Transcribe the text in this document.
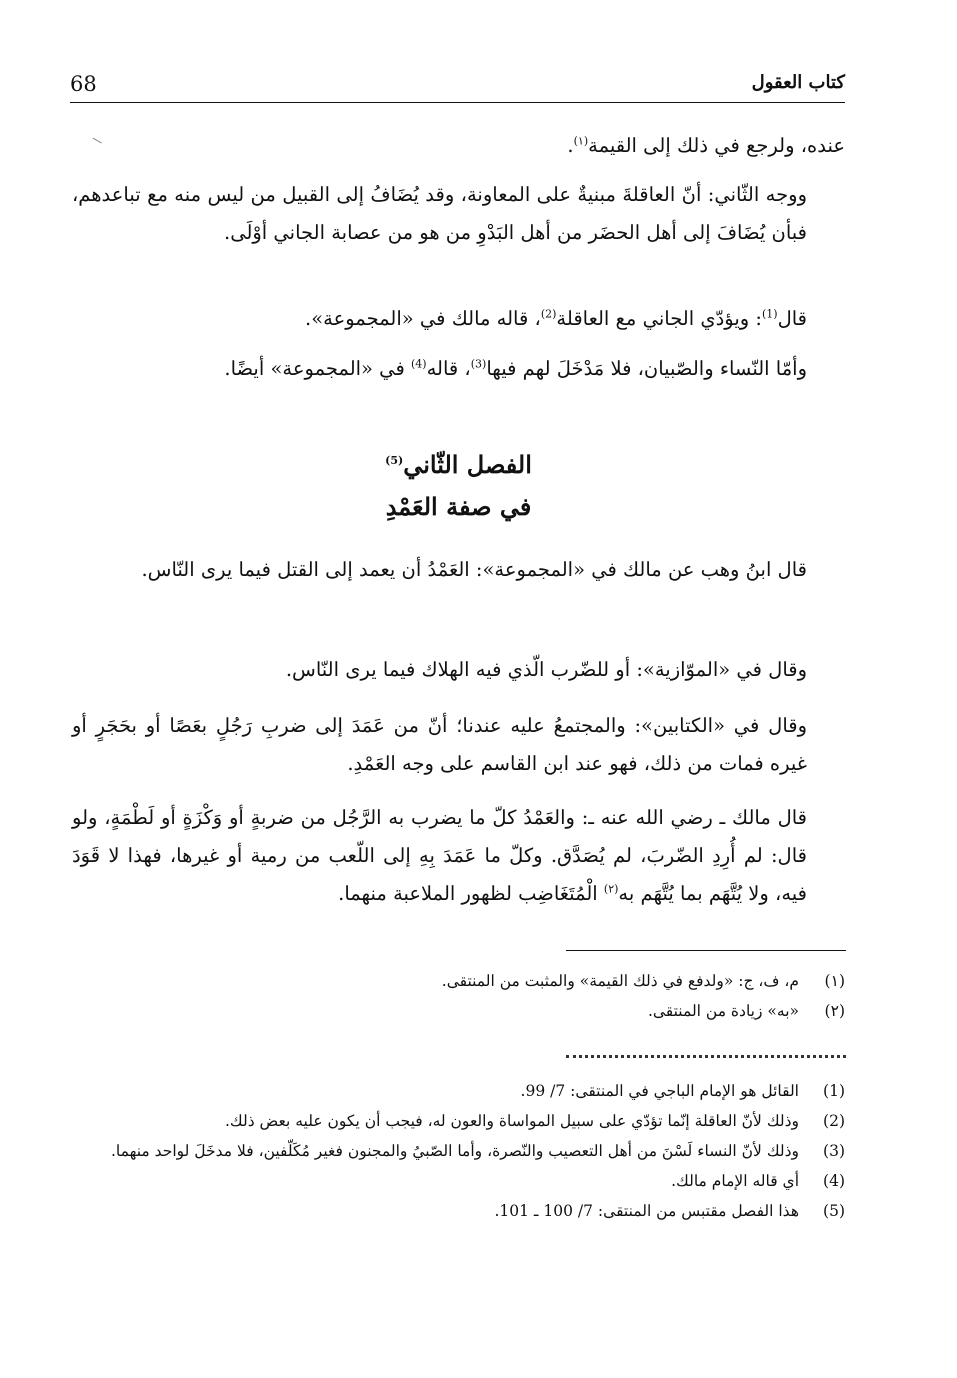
68	كتاب العقول

عنده، ولرجع في ذلك إلى القيمة$^{(١)}$.

ووجه الثّاني: أنّ العاقلةَ مبنيةٌ على المعاونة، وقد يُضَافُ إلى القبيل من ليس منه مع تباعدهم، فبأن يُضَافَ إلى أهل الحضَر من أهل البَدْوِ من هو من عصابة الجاني أوْلَى.

قال$^{(1)}$: ويؤدّي الجاني مع العاقلة$^{(2)}$، قاله مالك في «المجموعة».

وأمّا النّساء والصّبيان، فلا مَدْخَلَ لهم فيها$^{(3)}$، قاله$^{(4)}$ في «المجموعة» أيضًا.

الفصل الثّاني$^{(5)}$
في صفة العَمْدِ

قال ابنُ وهب عن مالك في «المجموعة»: العَمْدُ أن يعمد إلى القتل فيما يرى النّاس.

وقال في «الموّازية»: أو للضّرب الّذي فيه الهلاك فيما يرى النّاس.

وقال في «الكتابين»: والمجتمعُ عليه عندنا؛ أنّ من عَمَدَ إلى ضربِ رَجُلٍ بعَصًا أو بحَجَرٍ أو غيره فمات من ذلك، فهو عند ابن القاسم على وجه العَمْدِ.

قال مالك ـ رضي الله عنه ـ: والعَمْدُ كلّ ما يضرب به الرَّجُل من ضربةٍ أو وَكْزَةٍ أو لَطْمَةٍ، ولو قال: لم أُرِدِ الضّربَ، لم يُصَدَّق. وكلّ ما عَمَدَ بِهِ إلى اللّعب من رمية أو غيرها، فهذا لا قَوَدَ فيه، ولا يُتَّهَم بما يُتَّهَم به$^{(٢)}$ الْمُتَغَاضِب لظهور الملاعبة منهما.

(١)
م، ف، ج: «ولدفع في ذلك القيمة» والمثبت من المنتقى.
(٢)
«به» زيادة من المنتقى.
(1)
القائل هو الإمام الباجي في المنتقى: 7/ 99.
(2)
وذلك لأنّ العاقلة إنّما تؤدّي على سبيل المواساة والعون له، فيجب أن يكون عليه بعض ذلك.
(3)
وذلك لأنّ النساء لَسْنَ من أهل التعصيب والنّصرة، وأما الصّبيُ والمجنون فغير مُكَلّفين، فلا مدخَلَ لواحد منهما.
(4)
أي قاله الإمام مالك.
(5)
هذا الفصل مقتبس من المنتقى: 7/ 100 ـ 101.
